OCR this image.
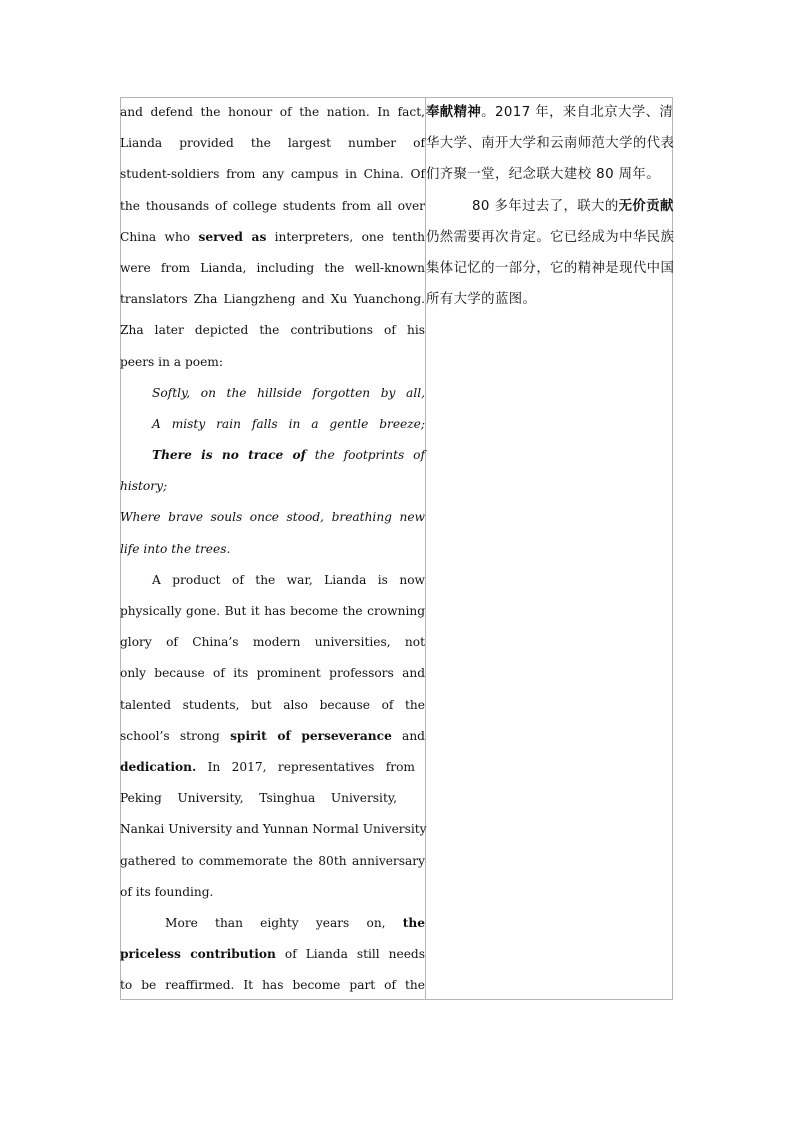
and defend the honour of the nation. In fact,
Lianda provided the largest number of
student-soldiers from any campus in China. Of
the thousands of college students from all over
China who served as interpreters, one tenth
were from Lianda, including the well-known
translators Zha Liangzheng and Xu Yuanchong.
Zha later depicted the contributions of his
peers in a poem:
Softly, on the hillside forgotten by all,
A misty rain falls in a gentle breeze;
There is no trace of the footprints of
history;
Where brave souls once stood, breathing new
life into the trees.
A product of the war, Lianda is now
physically gone. But it has become the crowning
glory of China’s modern universities, not
only because of its prominent professors and
talented students, but also because of the
school’s strong spirit of perseverance and
dedication. In 2017, representatives from
Peking University, Tsinghua University,
Nankai University and Yunnan Normal University
gathered to commemorate the 80th anniversary
of its founding.
More than eighty years on, the
priceless contribution of Lianda still needs
to be reaffirmed. It has become part of the
奉献精神。2017 年，来自北京大学、清
华大学、南开大学和云南师范大学的代表
们齐聚一堂，纪念联大建校 80 周年。
80 多年过去了，联大的无价贡献
仍然需要再次肯定。它已经成为中华民族
集体记忆的一部分，它的精神是现代中国
所有大学的蓝图。
